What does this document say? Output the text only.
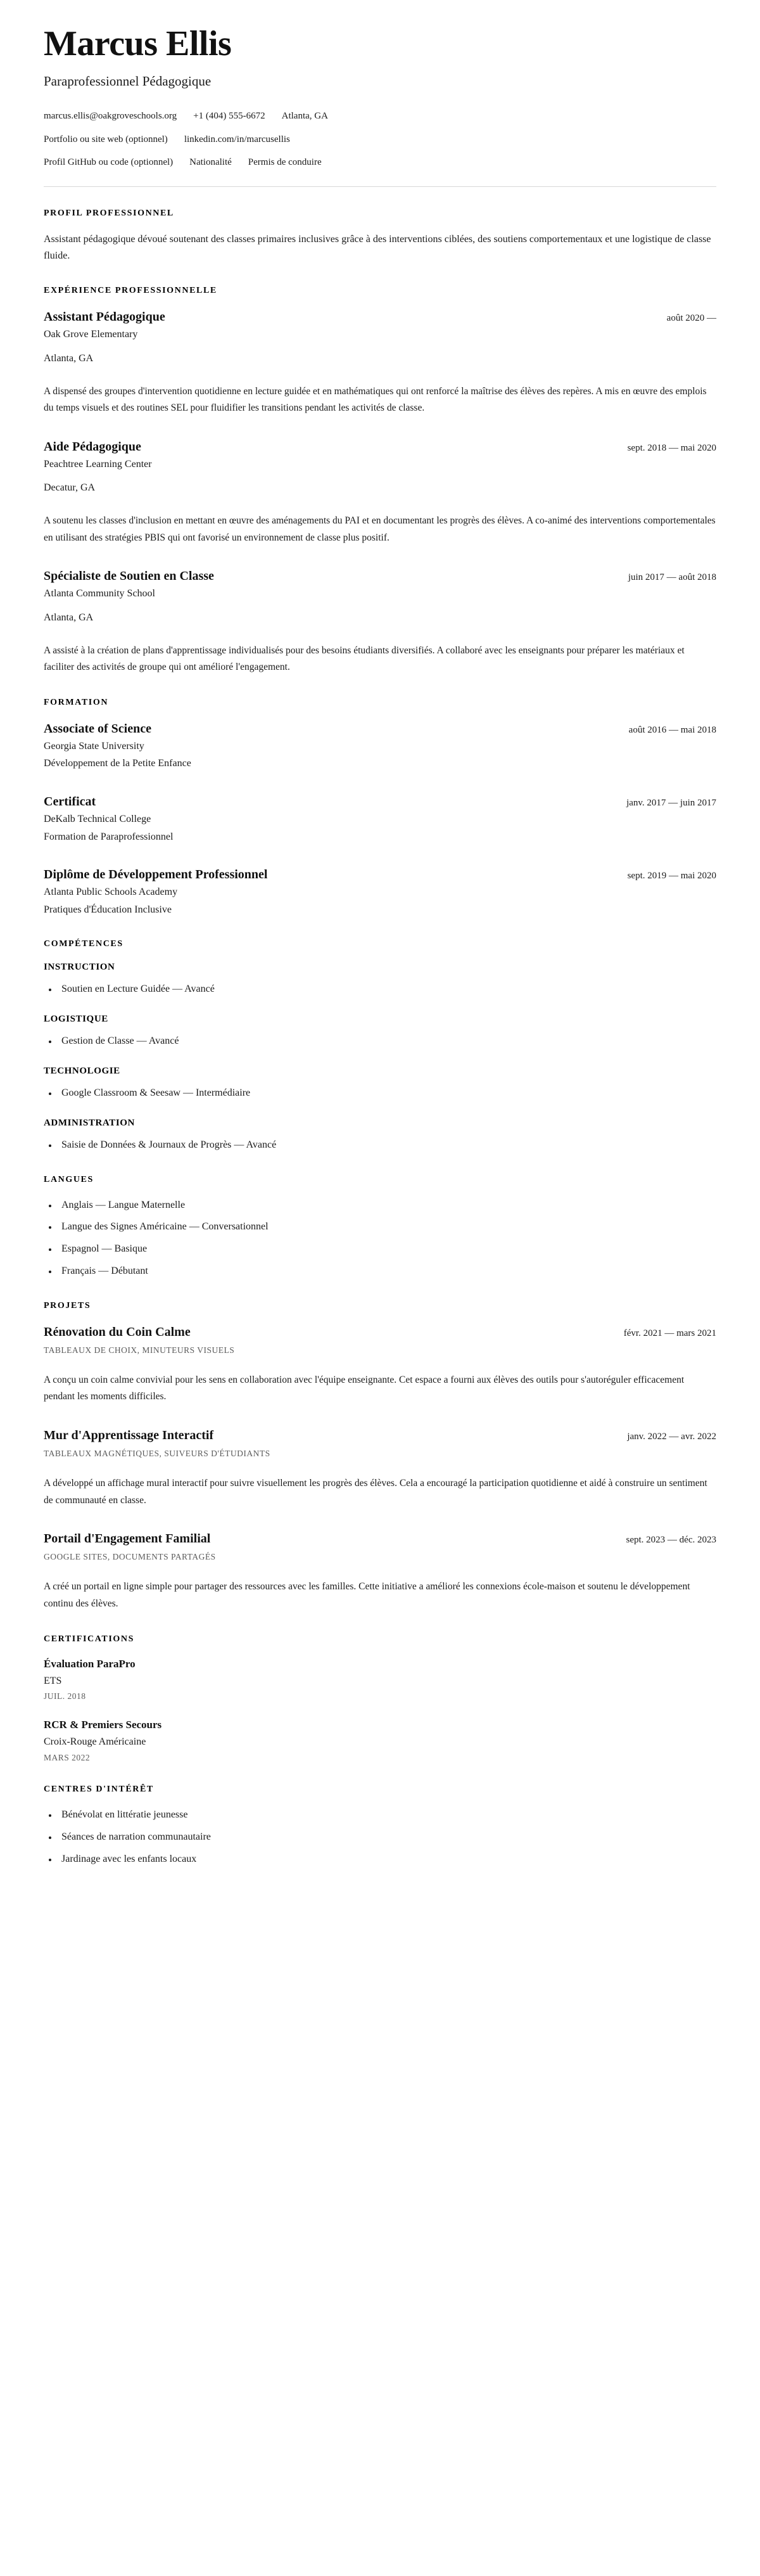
Marcus Ellis

Paraprofessionnel Pédagogique

marcus.ellis@oakgroveschools.org +1 (404) 555-6672 Atlanta, GA
Portfolio ou site web (optionnel) linkedin.com/in/marcusellis
Profil GitHub ou code (optionnel) Nationalité Permis de conduire
PROFIL PROFESSIONNEL

Assistant pédagogique dévoué soutenant des classes primaires inclusives grâce à des interventions ciblées, des soutiens comportementaux et une logistique de classe fluide.

EXPÉRIENCE PROFESSIONNELLE
Assistant Pédagogique	août 2020 —

Oak Grove Elementary

Atlanta, GA

A dispensé des groupes d'intervention quotidienne en lecture guidée et en mathématiques qui ont renforcé la maîtrise des élèves des repères. A mis en œuvre des emplois du temps visuels et des routines SEL pour fluidifier les transitions pendant les activités de classe.

Aide Pédagogique	sept. 2018 — mai 2020

Peachtree Learning Center

Decatur, GA

A soutenu les classes d'inclusion en mettant en œuvre des aménagements du PAI et en documentant les progrès des élèves. A co-animé des interventions comportementales en utilisant des stratégies PBIS qui ont favorisé un environnement de classe plus positif.

Spécialiste de Soutien en Classe	juin 2017 — août 2018

Atlanta Community School

Atlanta, GA

A assisté à la création de plans d'apprentissage individualisés pour des besoins étudiants diversifiés. A collaboré avec les enseignants pour préparer les matériaux et faciliter des activités de groupe qui ont amélioré l'engagement.

FORMATION
Associate of Science	août 2016 — mai 2018

Georgia State University

Développement de la Petite Enfance

Certificat	janv. 2017 — juin 2017

DeKalb Technical College

Formation de Paraprofessionnel

Diplôme de Développement Professionnel	sept. 2019 — mai 2020

Atlanta Public Schools Academy

Pratiques d'Éducation Inclusive

COMPÉTENCES
INSTRUCTION
Soutien en Lecture Guidée — Avancé
LOGISTIQUE
Gestion de Classe — Avancé
TECHNOLOGIE
Google Classroom & Seesaw — Intermédiaire
ADMINISTRATION
Saisie de Données & Journaux de Progrès — Avancé
LANGUES
Anglais — Langue Maternelle
Langue des Signes Américaine — Conversationnel
Espagnol — Basique
Français — Débutant
PROJETS
Rénovation du Coin Calme	févr. 2021 — mars 2021

TABLEAUX DE CHOIX, MINUTEURS VISUELS

A conçu un coin calme convivial pour les sens en collaboration avec l'équipe enseignante. Cet espace a fourni aux élèves des outils pour s'autoréguler efficacement pendant les moments difficiles.

Mur d'Apprentissage Interactif	janv. 2022 — avr. 2022

TABLEAUX MAGNÉTIQUES, SUIVEURS D'ÉTUDIANTS

A développé un affichage mural interactif pour suivre visuellement les progrès des élèves. Cela a encouragé la participation quotidienne et aidé à construire un sentiment de communauté en classe.

Portail d'Engagement Familial	sept. 2023 — déc. 2023

GOOGLE SITES, DOCUMENTS PARTAGÉS

A créé un portail en ligne simple pour partager des ressources avec les familles. Cette initiative a amélioré les connexions école-maison et soutenu le développement continu des élèves.

CERTIFICATIONS
Évaluation ParaPro

ETS

JUIL. 2018

RCR & Premiers Secours

Croix-Rouge Américaine

MARS 2022

CENTRES D'INTÉRÊT
Bénévolat en littératie jeunesse
Séances de narration communautaire
Jardinage avec les enfants locaux
